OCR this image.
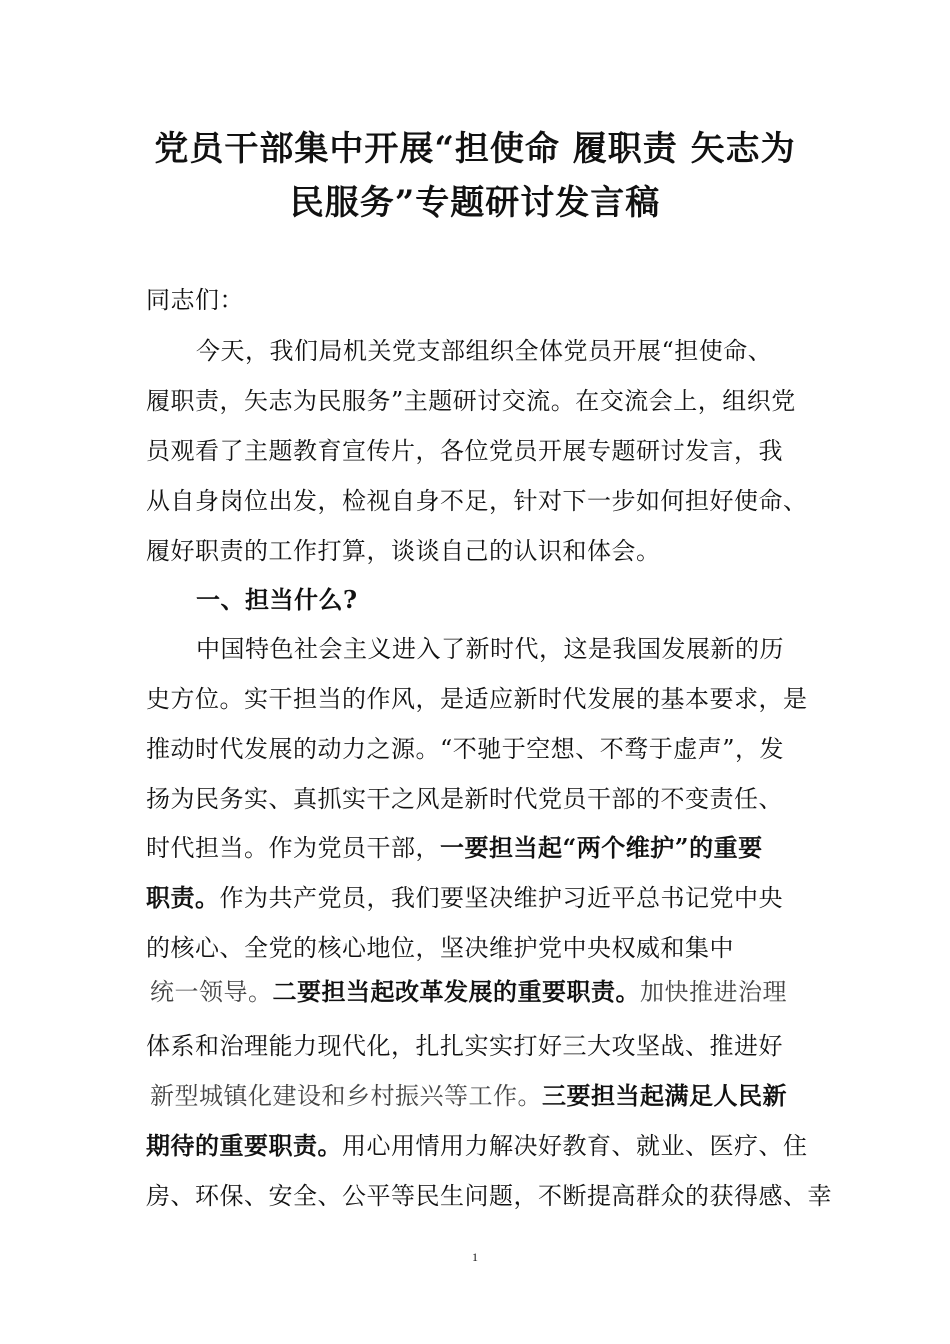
党员干部集中开展“担使命 履职责 矢志为
民服务”专题研讨发言稿
同志们：
今天，我们局机关党支部组织全体党员开展“担使命、
履职责，矢志为民服务”主题研讨交流。在交流会上，组织党
员观看了主题教育宣传片，各位党员开展专题研讨发言，我
从自身岗位出发，检视自身不足，针对下一步如何担好使命、
履好职责的工作打算，谈谈自己的认识和体会。
一、担当什么?
中国特色社会主义进入了新时代，这是我国发展新的历
史方位。实干担当的作风，是适应新时代发展的基本要求，是
推动时代发展的动力之源。“不驰于空想、不骛于虚声”，发
扬为民务实、真抓实干之风是新时代党员干部的不变责任、
时代担当。作为党员干部，一要担当起“两个维护”的重要
职责。作为共产党员，我们要坚决维护习近平总书记党中央
的核心、全党的核心地位，坚决维护党中央权威和集中
统一领导。二要担当起改革发展的重要职责。加快推进治理
体系和治理能力现代化，扎扎实实打好三大攻坚战、推进好
新型城镇化建设和乡村振兴等工作。三要担当起满足人民新
期待的重要职责。用心用情用力解决好教育、就业、医疗、住
房、环保、安全、公平等民生问题，不断提高群众的获得感、幸
1
